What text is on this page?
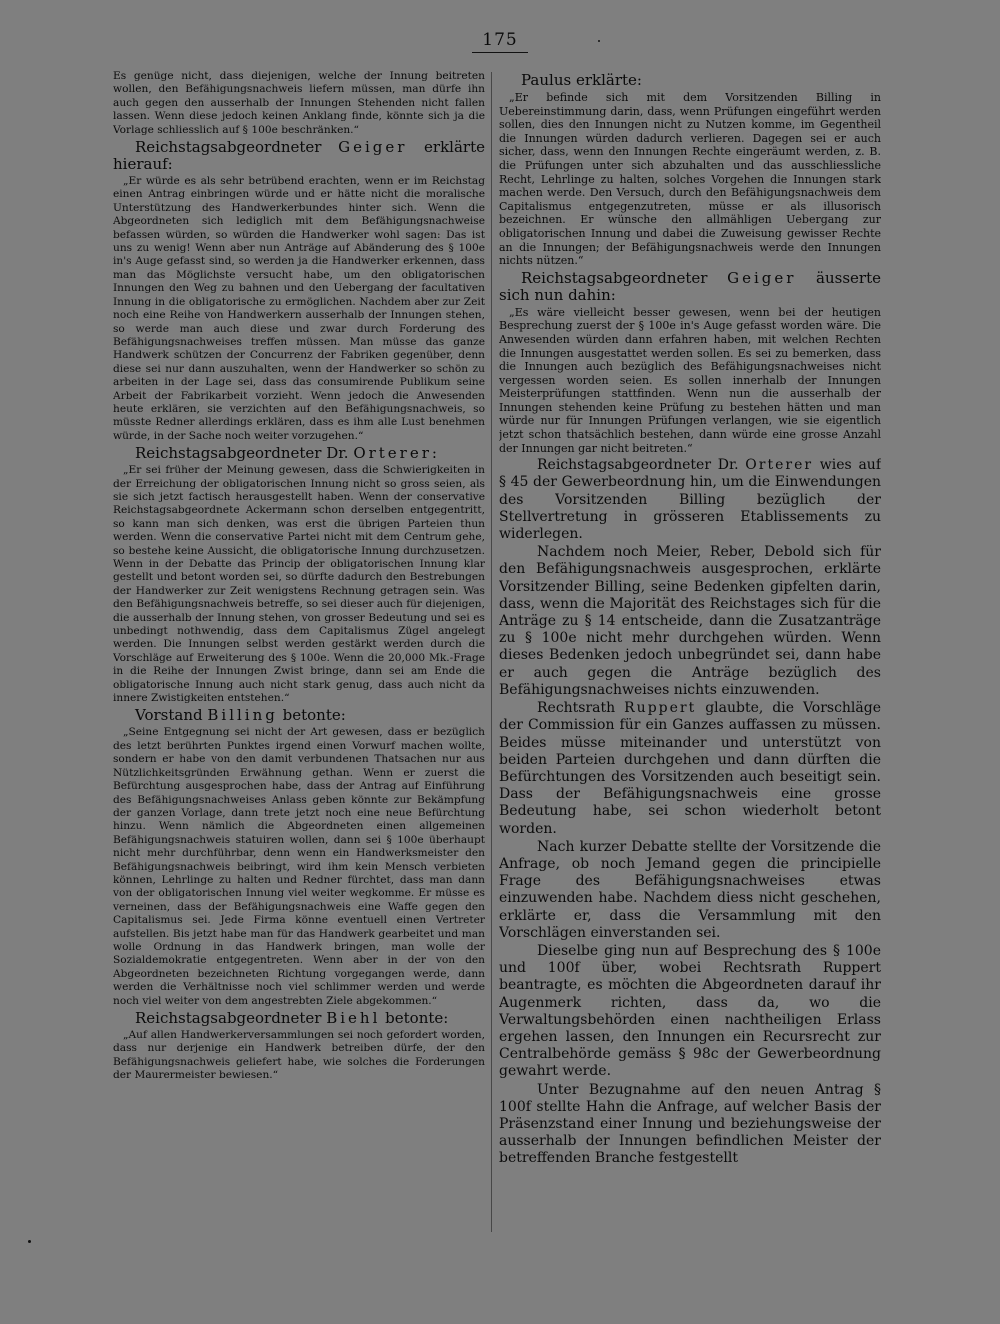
175

Es genüge nicht, dass diejenigen, welche der Innung beitreten wollen, den Befähigungsnachweis liefern müssen, man dürfe ihn auch gegen den ausserhalb der Innungen Stehenden nicht fallen lassen. Wenn diese jedoch keinen Anklang finde, könnte sich ja die Vorlage schliesslich auf § 100e beschränken.“

Reichstagsabgeordneter Geiger erklärte hierauf:

„Er würde es als sehr betrübend erachten, wenn er im Reichstag einen Antrag einbringen würde und er hätte nicht die moralische Unterstützung des Handwerkerbundes hinter sich. Wenn die Abgeordneten sich lediglich mit dem Befähigungsnachweise befassen würden, so würden die Handwerker wohl sagen: Das ist uns zu wenig! Wenn aber nun Anträge auf Abänderung des § 100e in's Auge gefasst sind, so werden ja die Handwerker erkennen, dass man das Möglichste versucht habe, um den obligatorischen Innungen den Weg zu bahnen und den Uebergang der facultativen Innung in die obligatorische zu ermöglichen. Nachdem aber zur Zeit noch eine Reihe von Handwerkern ausserhalb der Innungen stehen, so werde man auch diese und zwar durch Forderung des Befähigungsnachweises treffen müssen. Man müsse das ganze Handwerk schützen der Concurrenz der Fabriken gegenüber, denn diese sei nur dann auszuhalten, wenn der Handwerker so schön zu arbeiten in der Lage sei, dass das consumirende Publikum seine Arbeit der Fabrikarbeit vorzieht. Wenn jedoch die Anwesenden heute erklären, sie verzichten auf den Befähigungsnachweis, so müsste Redner allerdings erklären, dass es ihm alle Lust benehmen würde, in der Sache noch weiter vorzugehen.“

Reichstagsabgeordneter Dr. Orterer:

„Er sei früher der Meinung gewesen, dass die Schwierigkeiten in der Erreichung der obligatorischen Innung nicht so gross seien, als sie sich jetzt factisch herausgestellt haben. Wenn der conservative Reichstagsabgeordnete Ackermann schon derselben entgegentritt, so kann man sich denken, was erst die übrigen Parteien thun werden. Wenn die conservative Partei nicht mit dem Centrum gehe, so bestehe keine Aussicht, die obligatorische Innung durchzusetzen. Wenn in der Debatte das Princip der obligatorischen Innung klar gestellt und betont worden sei, so dürfte dadurch den Bestrebungen der Handwerker zur Zeit wenigstens Rechnung getragen sein. Was den Befähigungsnachweis betreffe, so sei dieser auch für diejenigen, die ausserhalb der Innung stehen, von grosser Bedeutung und sei es unbedingt nothwendig, dass dem Capitalismus Zügel angelegt werden. Die Innungen selbst werden gestärkt werden durch die Vorschläge auf Erweiterung des § 100e. Wenn die 20,000 Mk.-Frage in die Reihe der Innungen Zwist bringe, dann sei am Ende die obligatorische Innung auch nicht stark genug, dass auch nicht da innere Zwistigkeiten entstehen.“

Vorstand Billing betonte:

„Seine Entgegnung sei nicht der Art gewesen, dass er bezüglich des letzt berührten Punktes irgend einen Vorwurf machen wollte, sondern er habe von den damit verbundenen Thatsachen nur aus Nützlichkeitsgründen Erwähnung gethan. Wenn er zuerst die Befürchtung ausgesprochen habe, dass der Antrag auf Einführung des Befähigungsnachweises Anlass geben könnte zur Bekämpfung der ganzen Vorlage, dann trete jetzt noch eine neue Befürchtung hinzu. Wenn nämlich die Abgeordneten einen allgemeinen Befähigungsnachweis statuiren wollen, dann sei § 100e überhaupt nicht mehr durchführbar, denn wenn ein Handwerksmeister den Befähigungsnachweis beibringt, wird ihm kein Mensch verbieten können, Lehrlinge zu halten und Redner fürchtet, dass man dann von der obligatorischen Innung viel weiter wegkomme. Er müsse es verneinen, dass der Befähigungsnachweis eine Waffe gegen den Capitalismus sei. Jede Firma könne eventuell einen Vertreter aufstellen. Bis jetzt habe man für das Handwerk gearbeitet und man wolle Ordnung in das Handwerk bringen, man wolle der Sozialdemokratie entgegentreten. Wenn aber in der von den Abgeordneten bezeichneten Richtung vorgegangen werde, dann werden die Verhältnisse noch viel schlimmer werden und werde noch viel weiter von dem angestrebten Ziele abgekommen.“

Reichstagsabgeordneter Biehl betonte:

„Auf allen Handwerkerversammlungen sei noch gefordert worden, dass nur derjenige ein Handwerk betreiben dürfe, der den Befähigungsnachweis geliefert habe, wie solches die Forderungen der Maurermeister bewiesen.“

Paulus erklärte:

„Er befinde sich mit dem Vorsitzenden Billing in Uebereinstimmung darin, dass, wenn Prüfungen eingeführt werden sollen, dies den Innungen nicht zu Nutzen komme, im Gegentheil die Innungen würden dadurch verlieren. Dagegen sei er auch sicher, dass, wenn den Innungen Rechte eingeräumt werden, z. B. die Prüfungen unter sich abzuhalten und das ausschliessliche Recht, Lehrlinge zu halten, solches Vorgehen die Innungen stark machen werde. Den Versuch, durch den Befähigungsnachweis dem Capitalismus entgegenzutreten, müsse er als illusorisch bezeichnen. Er wünsche den allmähligen Uebergang zur obligatorischen Innung und dabei die Zuweisung gewisser Rechte an die Innungen; der Befähigungsnachweis werde den Innungen nichts nützen.“

Reichstagsabgeordneter Geiger äusserte sich nun dahin:

„Es wäre vielleicht besser gewesen, wenn bei der heutigen Besprechung zuerst der § 100e in's Auge gefasst worden wäre. Die Anwesenden würden dann erfahren haben, mit welchen Rechten die Innungen ausgestattet werden sollen. Es sei zu bemerken, dass die Innungen auch bezüglich des Befähigungsnachweises nicht vergessen worden seien. Es sollen innerhalb der Innungen Meisterprüfungen stattfinden. Wenn nun die ausserhalb der Innungen stehenden keine Prüfung zu bestehen hätten und man würde nur für Innungen Prüfungen verlangen, wie sie eigentlich jetzt schon thatsächlich bestehen, dann würde eine grosse Anzahl der Innungen gar nicht beitreten.“

Reichstagsabgeordneter Dr. Orterer wies auf § 45 der Gewerbeordnung hin, um die Einwendungen des Vorsitzenden Billing bezüglich der Stellvertretung in grösseren Etablissements zu widerlegen.

Nachdem noch Meier, Reber, Debold sich für den Befähigungsnachweis ausgesprochen, erklärte Vorsitzender Billing, seine Bedenken gipfelten darin, dass, wenn die Majorität des Reichstages sich für die Anträge zu § 14 entscheide, dann die Zusatzanträge zu § 100e nicht mehr durchgehen würden. Wenn dieses Bedenken jedoch unbegründet sei, dann habe er auch gegen die Anträge bezüglich des Befähigungsnachweises nichts einzuwenden.

Rechtsrath Ruppert glaubte, die Vorschläge der Commission für ein Ganzes auffassen zu müssen. Beides müsse miteinander und unterstützt von beiden Parteien durchgehen und dann dürften die Befürchtungen des Vorsitzenden auch beseitigt sein. Dass der Befähigungsnachweis eine grosse Bedeutung habe, sei schon wiederholt betont worden.

Nach kurzer Debatte stellte der Vorsitzende die Anfrage, ob noch Jemand gegen die principielle Frage des Befähigungsnachweises etwas einzuwenden habe. Nachdem diess nicht geschehen, erklärte er, dass die Versammlung mit den Vorschlägen einverstanden sei.

Dieselbe ging nun auf Besprechung des § 100e und 100f über, wobei Rechtsrath Ruppert beantragte, es möchten die Abgeordneten darauf ihr Augenmerk richten, dass da, wo die Verwaltungsbehörden einen nachtheiligen Erlass ergehen lassen, den Innungen ein Recursrecht zur Centralbehörde gemäss § 98c der Gewerbeordnung gewahrt werde.

Unter Bezugnahme auf den neuen Antrag § 100f stellte Hahn die Anfrage, auf welcher Basis der Präsenzstand einer Innung und beziehungsweise der ausserhalb der Innungen befindlichen Meister der betreffenden Branche festgestellt
